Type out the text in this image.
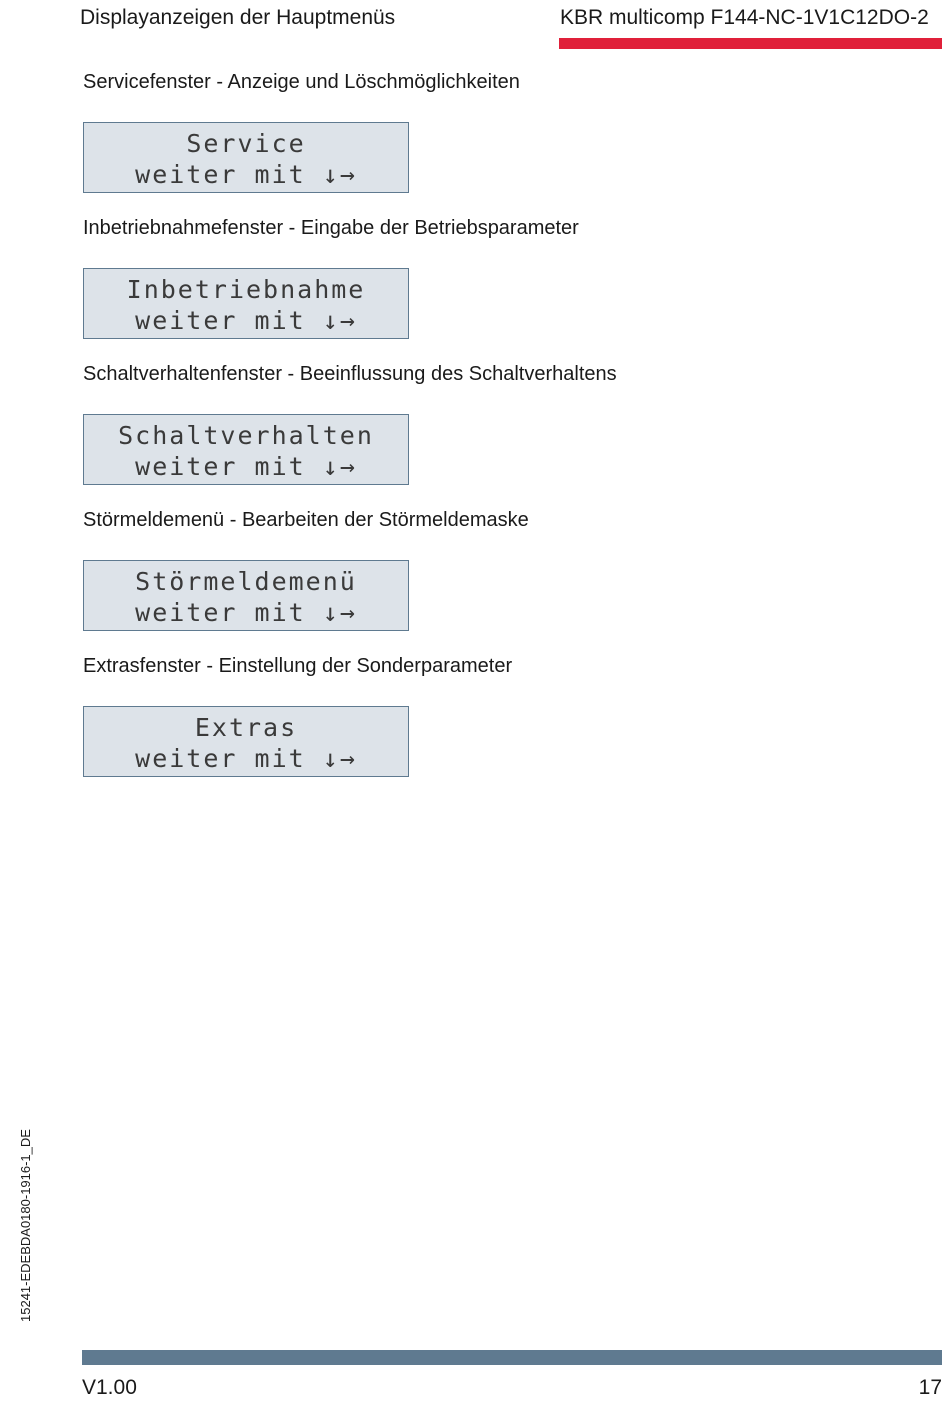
Displayanzeigen der Hauptmenüs	KBR multicomp F144-NC-1V1C12DO-2
Servicefenster - Anzeige und Löschmöglichkeiten
Service
weiter mit ↓→
Inbetriebnahmefenster - Eingabe der Betriebsparameter
Inbetriebnahme
weiter mit ↓→
Schaltverhaltenfenster - Beeinflussung des Schaltverhaltens
Schaltverhalten
weiter mit ↓→
Störmeldemenü - Bearbeiten der Störmeldemaske
Störmeldemenü
weiter mit ↓→
Extrasfenster - Einstellung der Sonderparameter
Extras
weiter mit ↓→
15241-EDEBDA0180-1916-1_DE
V1.00	17
